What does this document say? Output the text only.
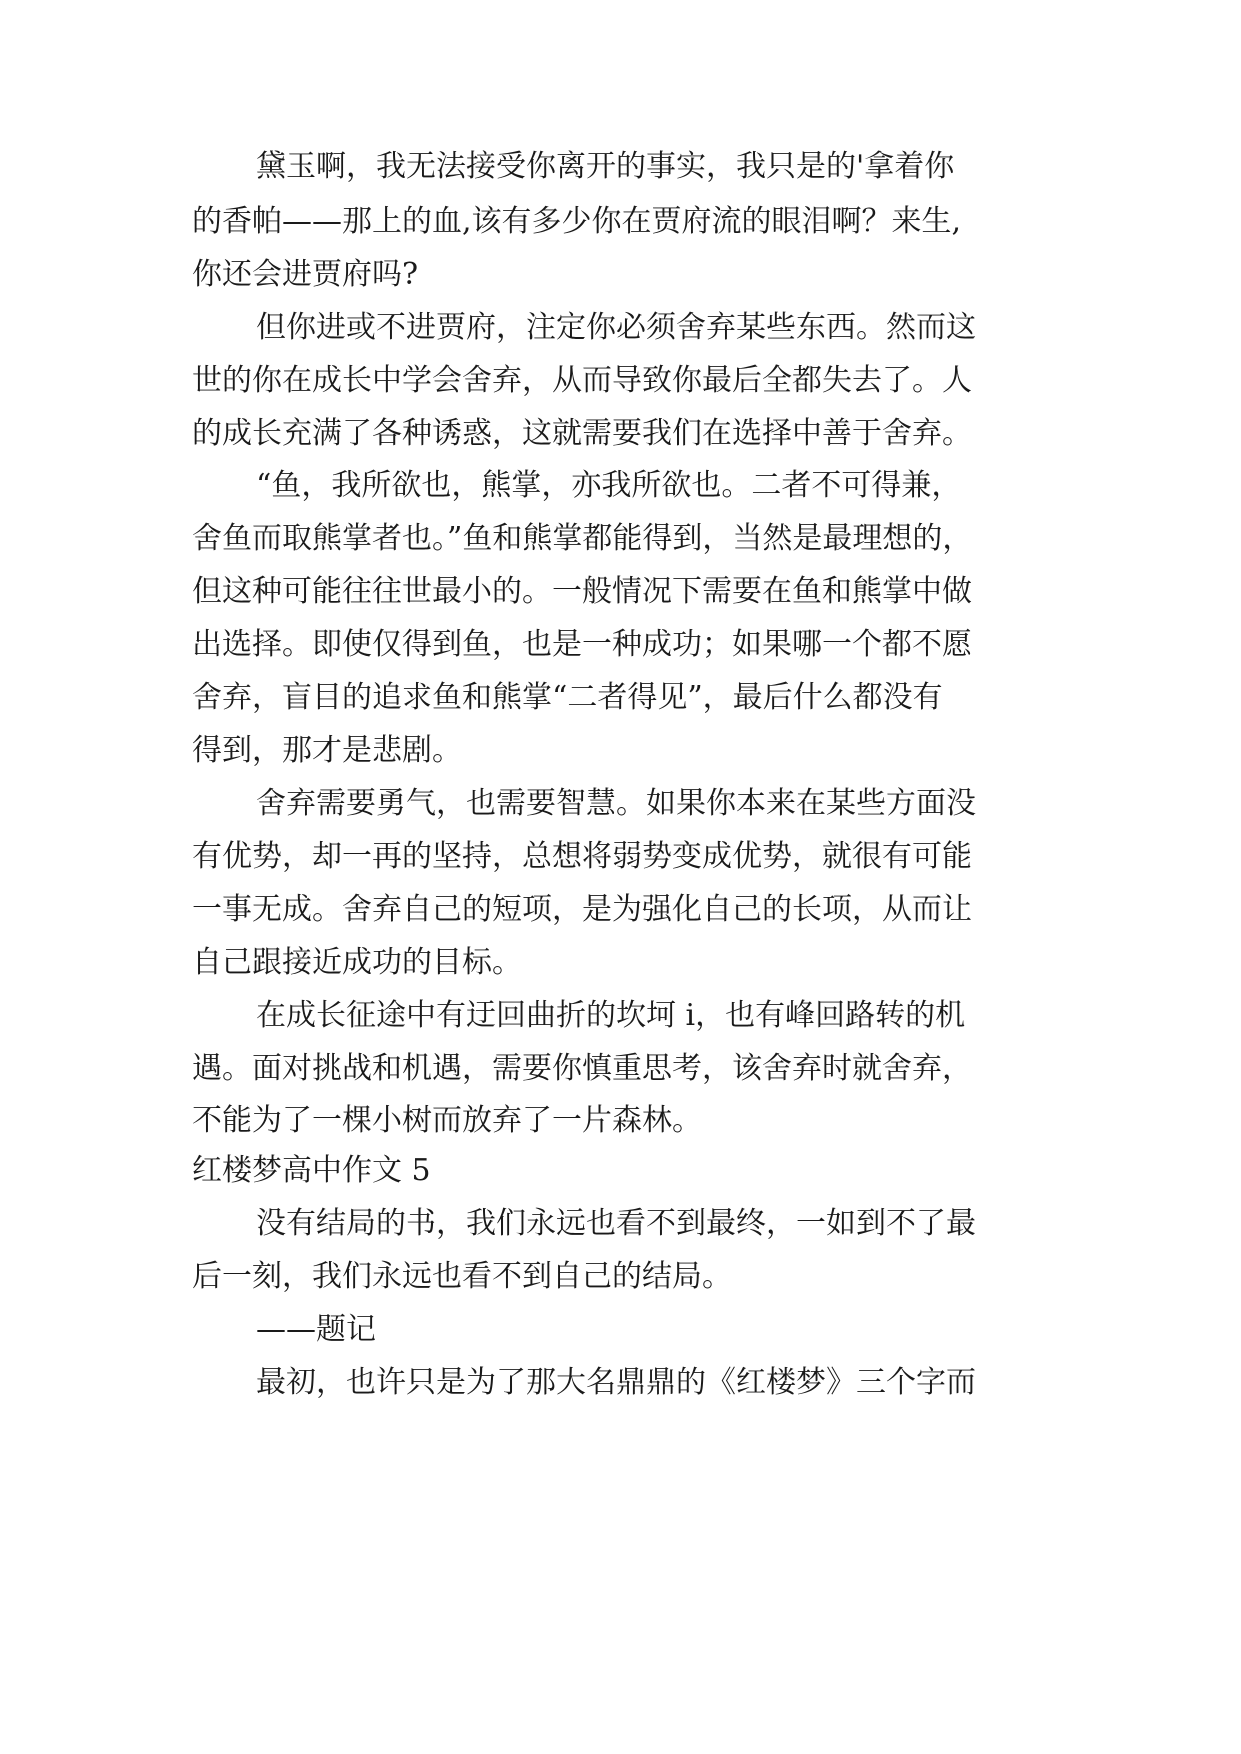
黛玉啊，我无法接受你离开的事实，我只是的'拿着你
的香帕——那上的血,该有多少你在贾府流的眼泪啊？来生,
你还会进贾府吗?
但你进或不进贾府，注定你必须舍弃某些东西。然而这
世的你在成长中学会舍弃，从而导致你最后全都失去了。人
的成长充满了各种诱惑，这就需要我们在选择中善于舍弃。
“鱼，我所欲也，熊掌，亦我所欲也。二者不可得兼，
舍鱼而取熊掌者也。”鱼和熊掌都能得到，当然是最理想的，
但这种可能往往世最小的。一般情况下需要在鱼和熊掌中做
出选择。即使仅得到鱼，也是一种成功；如果哪一个都不愿
舍弃，盲目的追求鱼和熊掌“二者得见”，最后什么都没有
得到，那才是悲剧。
舍弃需要勇气，也需要智慧。如果你本来在某些方面没
有优势，却一再的坚持，总想将弱势变成优势，就很有可能
一事无成。舍弃自己的短项，是为强化自己的长项，从而让
自己跟接近成功的目标。
在成长征途中有迂回曲折的坎坷 i，也有峰回路转的机
遇。面对挑战和机遇，需要你慎重思考，该舍弃时就舍弃，
不能为了一棵小树而放弃了一片森林。
红楼梦高中作文 5
没有结局的书，我们永远也看不到最终，一如到不了最
后一刻，我们永远也看不到自己的结局。
——题记
最初，也许只是为了那大名鼎鼎的《红楼梦》三个字而
